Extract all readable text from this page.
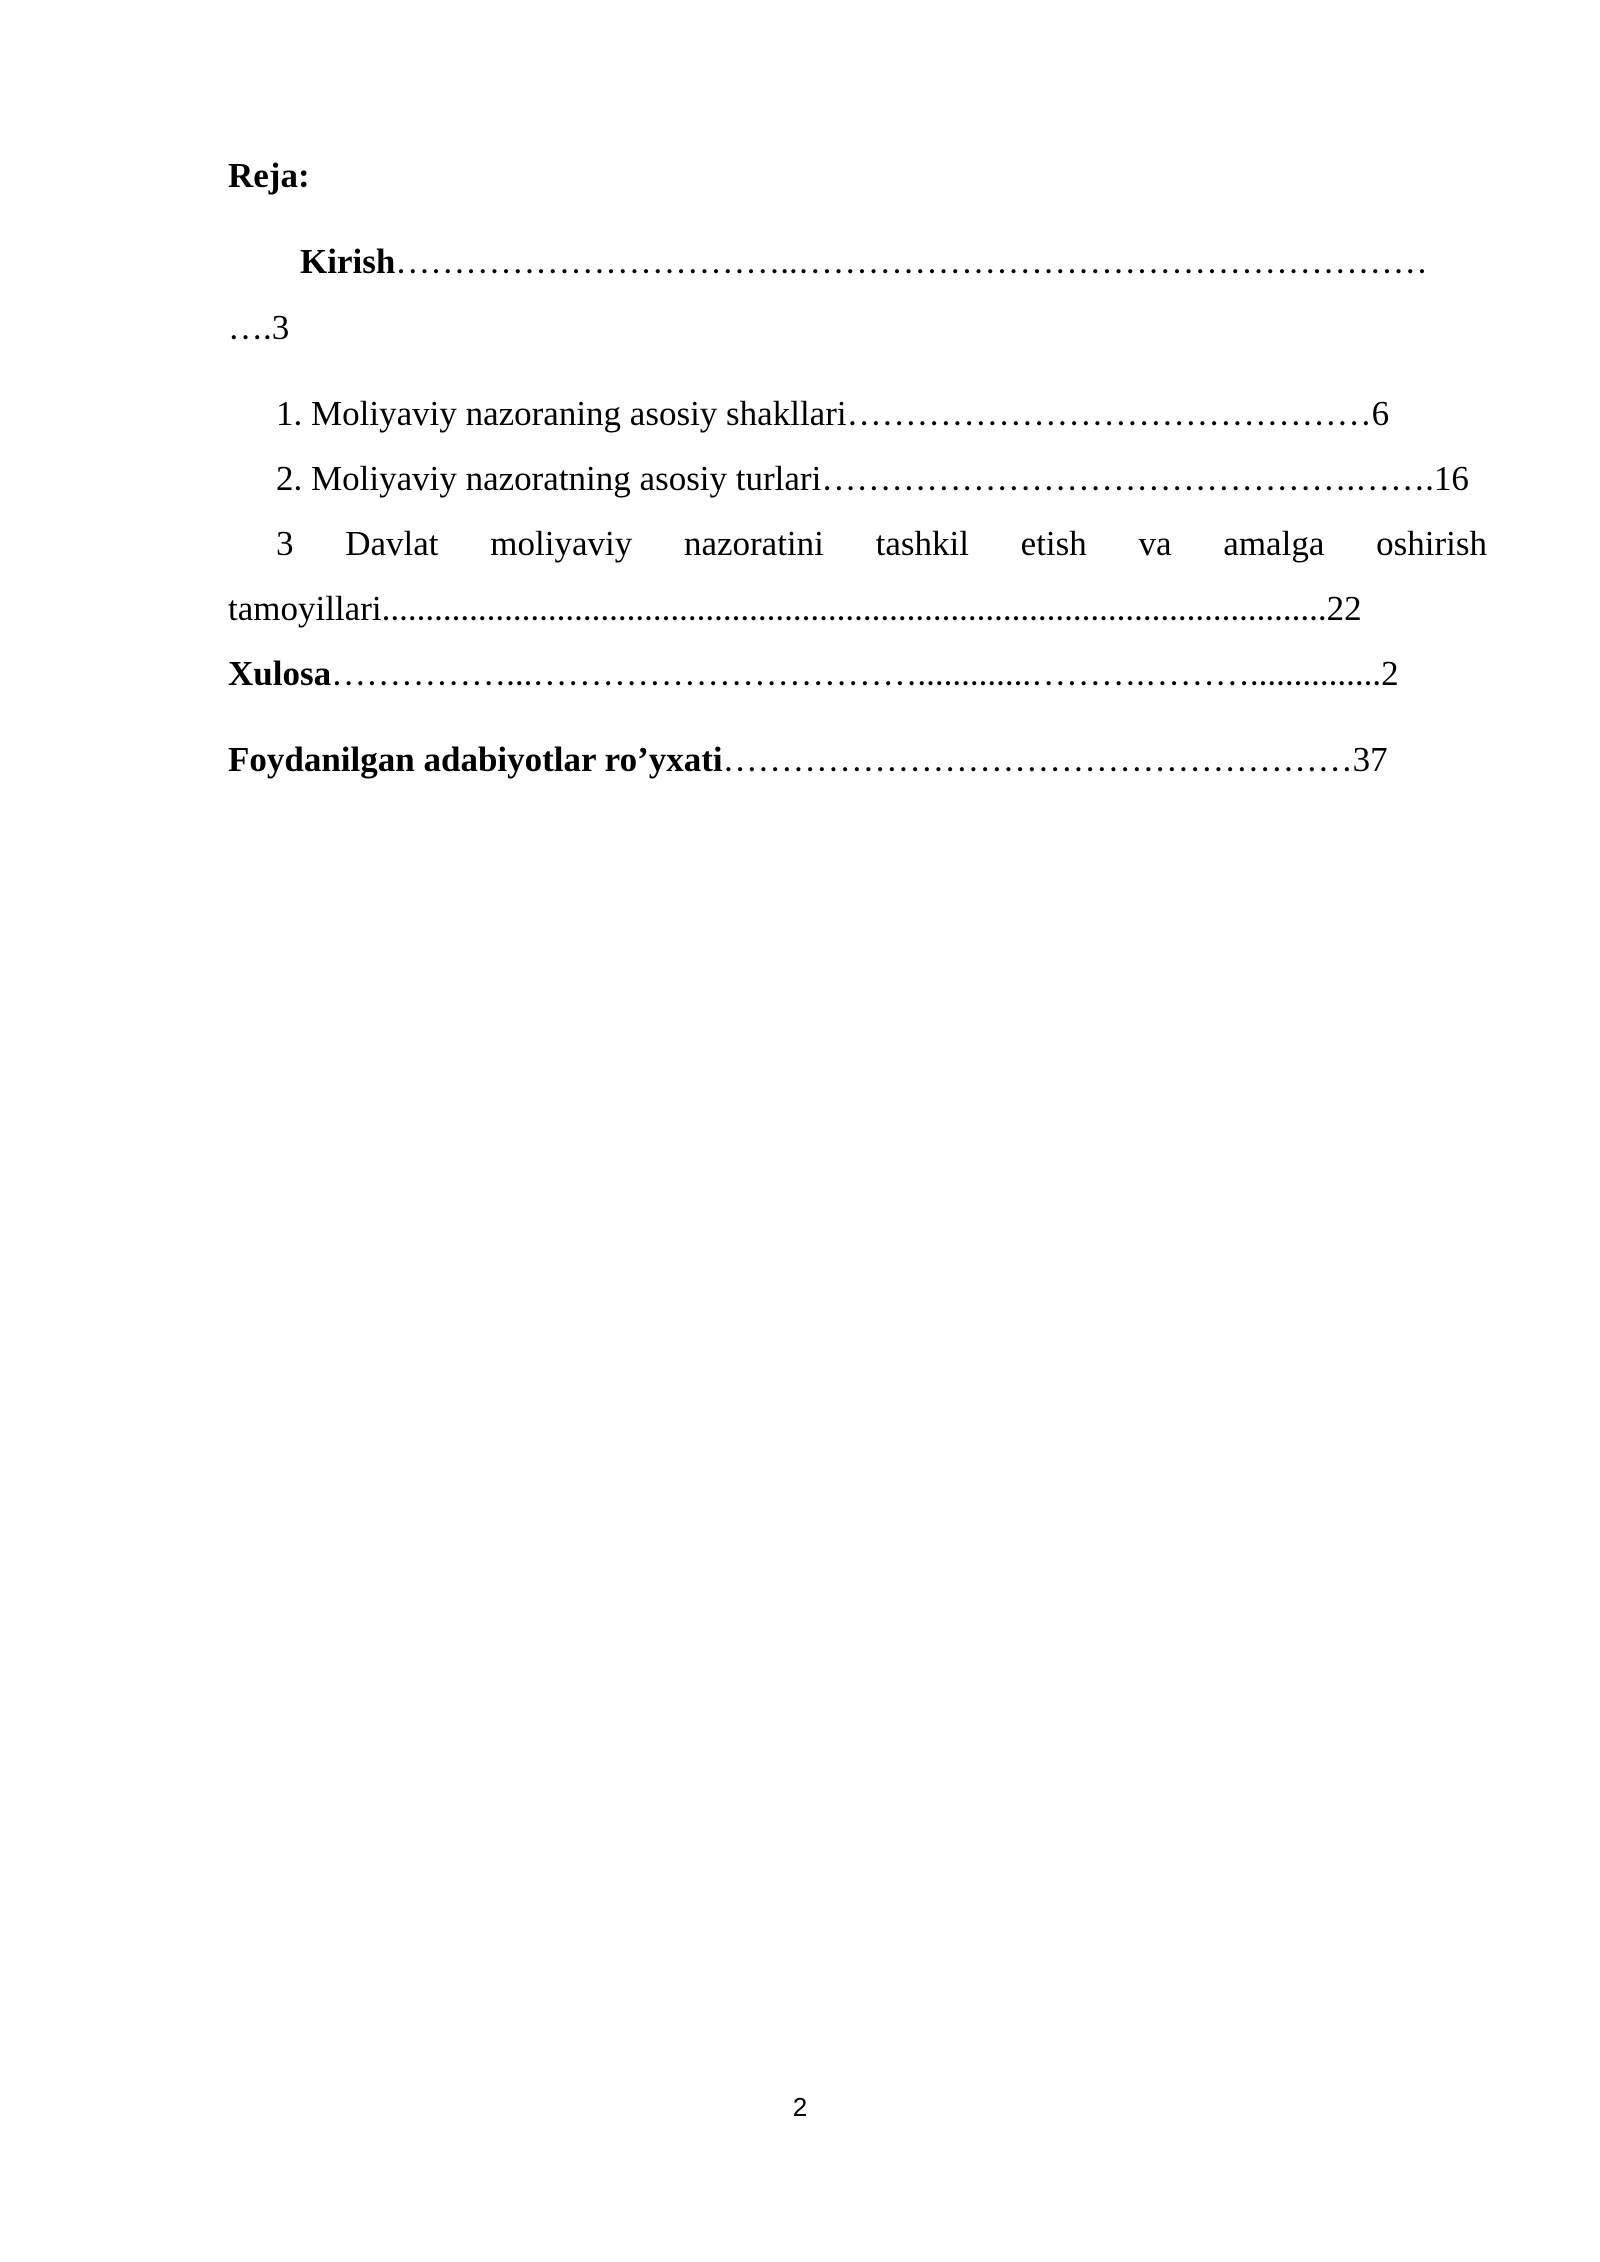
Reja:
Kirish……………………………..………………………………………………
….3
1. Moliyaviy nazoraning asosiy shakllari………………………………………6
2. Moliyaviy nazoratning asosiy turlari……………………………………….…….16
3 Davlat moliyaviy nazoratini tashkil etish va amalga oshirish
tamoyillari............................................................................................................22
Xulosa……………...…………………………….............……….………...............2
Foydanilgan adabiyotlar ro’yxati………………………………………………37
2
